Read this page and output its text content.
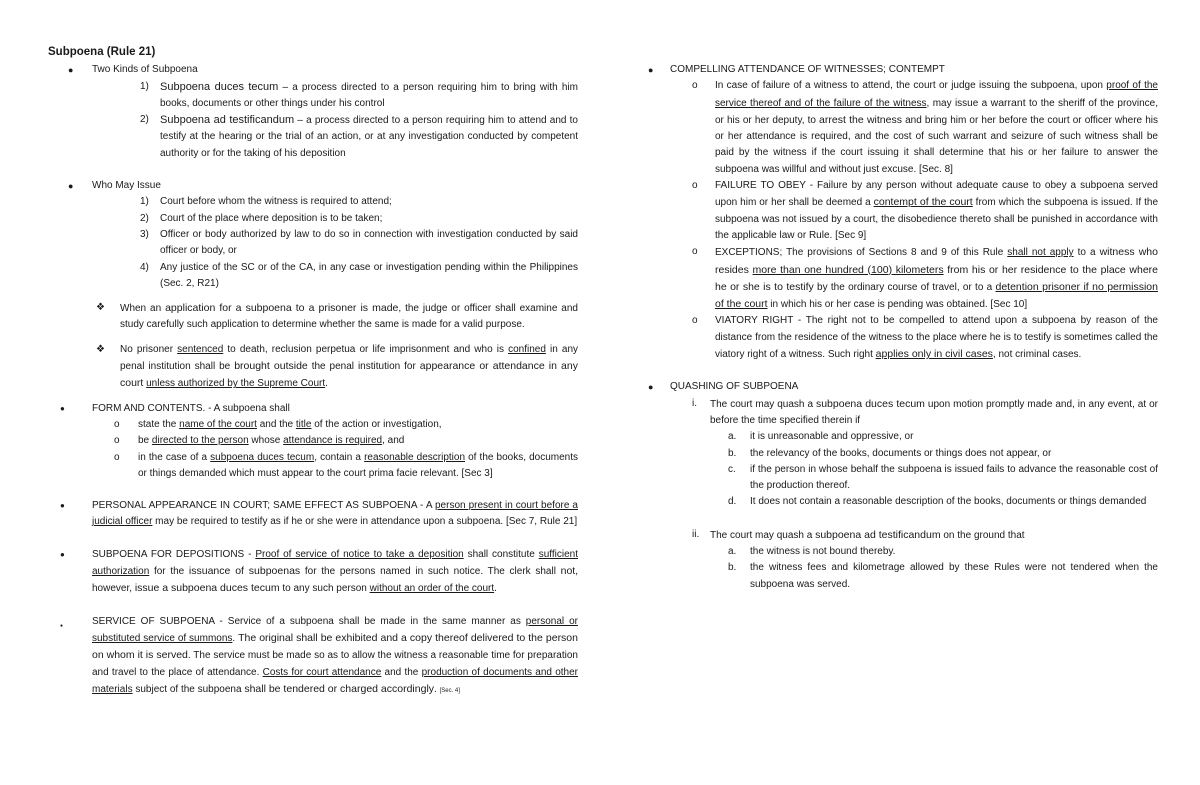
Subpoena (Rule 21)
● Two Kinds of Subpoena
1) Subpoena duces tecum – a process directed to a person requiring him to bring with him books, documents or other things under his control
2) Subpoena ad testificandum – a process directed to a person requiring him to attend and to testify at the hearing or the trial of an action, or at any investigation conducted by competent authority or for the taking of his deposition
● Who May Issue
1) Court before whom the witness is required to attend;
2) Court of the place where deposition is to be taken;
3) Officer or body authorized by law to do so in connection with investigation conducted by said officer or body, or
4) Any justice of the SC or of the CA, in any case or investigation pending within the Philippines (Sec. 2, R21)
❖ When an application for a subpoena to a prisoner is made, the judge or officer shall examine and study carefully such application to determine whether the same is made for a valid purpose.
❖ No prisoner sentenced to death, reclusion perpetua or life imprisonment and who is confined in any penal institution shall be brought outside the penal institution for appearance or attendance in any court unless authorized by the Supreme Court.
●	FORM AND CONTENTS. - A subpoena shall
o state the name of the court and the title of the action or investigation,
o be directed to the person whose attendance is required, and
o in the case of a subpoena duces tecum, contain a reasonable description of the books, documents or things demanded which must appear to the court prima facie relevant. [Sec 3]
●	PERSONAL APPEARANCE IN COURT; SAME EFFECT AS SUBPOENA - A person present in court before a judicial officer may be required to testify as if he or she were in attendance upon a subpoena. [Sec 7, Rule 21]
●	SUBPOENA FOR DEPOSITIONS - Proof of service of notice to take a deposition shall constitute sufficient authorization for the issuance of subpoenas for the persons named in such notice. The clerk shall not, however, issue a subpoena duces tecum to any such person without an order of the court.
●	SERVICE OF SUBPOENA - Service of a subpoena shall be made in the same manner as personal or substituted service of summons. The original shall be exhibited and a copy thereof delivered to the person on whom it is served. The service must be made so as to allow the witness a reasonable time for preparation and travel to the place of attendance. Costs for court attendance and the production of documents and other materials subject of the subpoena shall be tendered or charged accordingly. [Sec. 4]
● COMPELLING ATTENDANCE OF WITNESSES; CONTEMPT
o In case of failure of a witness to attend, the court or judge issuing the subpoena, upon proof of the service thereof and of the failure of the witness, may issue a warrant to the sheriff of the province, or his or her deputy, to arrest the witness and bring him or her before the court or officer where his or her attendance is required, and the cost of such warrant and seizure of such witness shall be paid by the witness if the court issuing it shall determine that his or her failure to answer the subpoena was willful and without just excuse. [Sec. 8]
o FAILURE TO OBEY - Failure by any person without adequate cause to obey a subpoena served upon him or her shall be deemed a contempt of the court from which the subpoena is issued. If the subpoena was not issued by a court, the disobedience thereto shall be punished in accordance with the applicable law or Rule. [Sec 9]
o EXCEPTIONS; The provisions of Sections 8 and 9 of this Rule shall not apply to a witness who resides more than one hundred (100) kilometers from his or her residence to the place where he or she is to testify by the ordinary course of travel, or to a detention prisoner if no permission of the court in which his or her case is pending was obtained. [Sec 10]
o VIATORY RIGHT - The right not to be compelled to attend upon a subpoena by reason of the distance from the residence of the witness to the place where he is to testify is sometimes called the viatory right of a witness. Such right applies only in civil cases, not criminal cases.
● QUASHING OF SUBPOENA
i. The court may quash a subpoena duces tecum upon motion promptly made and, in any event, at or before the time specified therein if
a. it is unreasonable and oppressive, or
b. the relevancy of the books, documents or things does not appear, or
c. if the person in whose behalf the subpoena is issued fails to advance the reasonable cost of the production thereof.
d. It does not contain a reasonable description of the books, documents or things demanded
ii. The court may quash a subpoena ad testificandum on the ground that
a. the witness is not bound thereby.
b. the witness fees and kilometrage allowed by these Rules were not tendered when the subpoena was served.
